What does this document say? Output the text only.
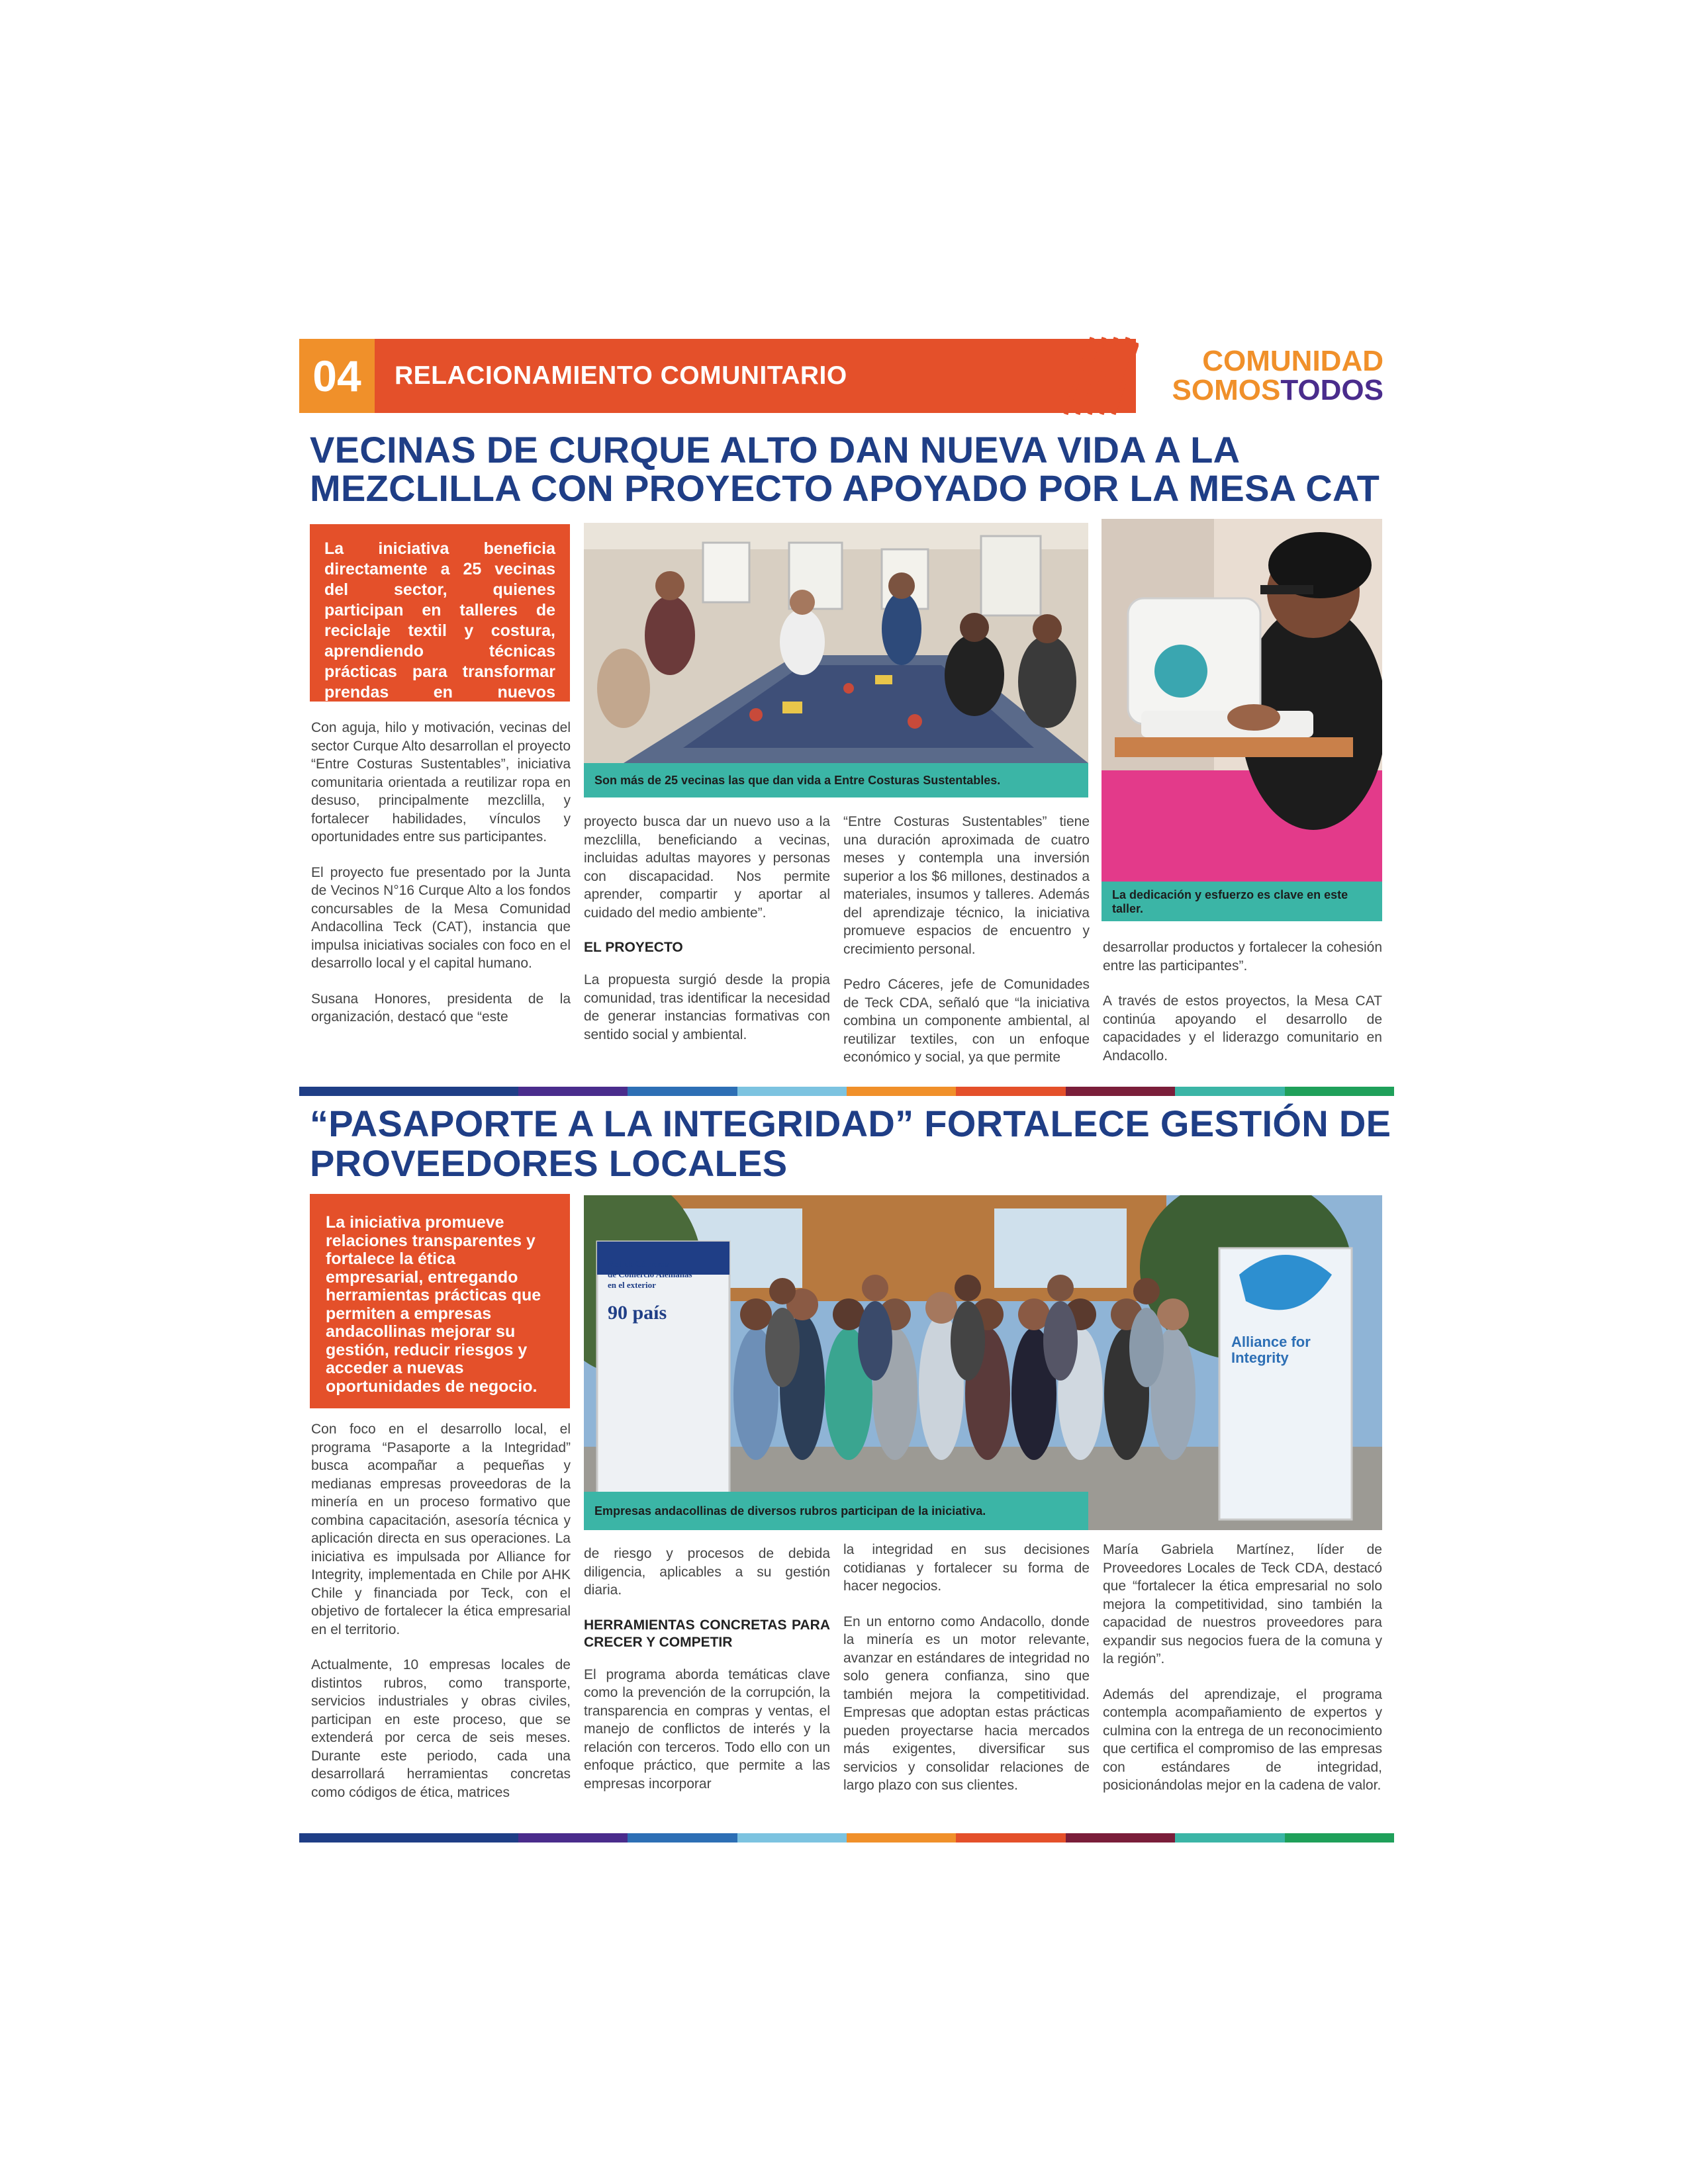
04	RELACIONAMIENTO COMUNITARIO	COMUNIDAD
SOMOSTODOS
VECINAS DE CURQUE ALTO DAN NUEVA VIDA A LA
MEZCLILLA CON PROYECTO APOYADO POR LA MESA CAT
La iniciativa beneficia directamente a 25 vecinas del sector, quienes participan en talleres de reciclaje textil y costura, aprendiendo técnicas prácticas para transformar prendas en nuevos productos.
Son más de 25 vecinas las que dan vida a Entre Costuras Sustentables.
La dedicación y esfuerzo es clave en este taller.

Con aguja, hilo y motivación, vecinas del sector Curque Alto desarrollan el proyecto “Entre Costuras Sustentables”, iniciativa comunitaria orientada a reutilizar ropa en desuso, principalmente mezclilla, y fortalecer habilidades, vínculos y oportunidades entre sus participantes.

El proyecto fue presentado por la Junta de Vecinos N°16 Curque Alto a los fondos concursables de la Mesa Comunidad Andacollina Teck (CAT), instancia que impulsa iniciativas sociales con foco en el desarrollo local y el capital humano.

Susana Honores, presidenta de la organización, destacó que “este

proyecto busca dar un nuevo uso a la mezclilla, beneficiando a vecinas, incluidas adultas mayores y personas con discapacidad. Nos permite aprender, compartir y aportar al cuidado del medio ambiente”.

EL PROYECTO

La propuesta surgió desde la propia comunidad, tras identificar la necesidad de generar instancias formativas con sentido social y ambiental.

“Entre Costuras Sustentables” tiene una duración aproximada de cuatro meses y contempla una inversión superior a los $6 millones, destinados a materiales, insumos y talleres. Además del aprendizaje técnico, la iniciativa promueve espacios de encuentro y crecimiento personal.

Pedro Cáceres, jefe de Comunidades de Teck CDA, señaló que “la iniciativa combina un componente ambiental, al reutilizar textiles, con un enfoque económico y social, ya que permite

desarrollar productos y fortalecer la cohesión entre las participantes”.

A través de estos proyectos, la Mesa CAT continúa apoyando el desarrollo de capacidades y el liderazgo comunitario en Andacollo.

“PASAPORTE A LA INTEGRIDAD” FORTALECE GESTIÓN DE
PROVEEDORES LOCALES
La iniciativa promueve relaciones transparentes y fortalece la ética empresarial, entregando herramientas prácticas que permiten a empresas andacollinas mejorar su gestión, reducir riesgos y acceder a nuevas oportunidades de negocio.
Red de Cámaras
de Comercio Alemanas
en el exterior
90 país
Alliance for
Integrity
Empresas andacollinas de diversos rubros participan de la iniciativa.

Con foco en el desarrollo local, el programa “Pasaporte a la Integridad” busca acompañar a pequeñas y medianas empresas proveedoras de la minería en un proceso formativo que combina capacitación, asesoría técnica y aplicación directa en sus operaciones. La iniciativa es impulsada por Alliance for Integrity, implementada en Chile por AHK Chile y financiada por Teck, con el objetivo de fortalecer la ética empresarial en el territorio.

Actualmente, 10 empresas locales de distintos rubros, como transporte, servicios industriales y obras civiles, participan en este proceso, que se extenderá por cerca de seis meses. Durante este periodo, cada una desarrollará herramientas concretas como códigos de ética, matrices

de riesgo y procesos de debida diligencia, aplicables a su gestión diaria.

HERRAMIENTAS CONCRETAS PARA CRECER Y COMPETIR

El programa aborda temáticas clave como la prevención de la corrupción, la transparencia en compras y ventas, el manejo de conflictos de interés y la relación con terceros. Todo ello con un enfoque práctico, que permite a las empresas incorporar

la integridad en sus decisiones cotidianas y fortalecer su forma de hacer negocios.

En un entorno como Andacollo, donde la minería es un motor relevante, avanzar en estándares de integridad no solo genera confianza, sino que también mejora la competitividad. Empresas que adoptan estas prácticas pueden proyectarse hacia mercados más exigentes, diversificar sus servicios y consolidar relaciones de largo plazo con sus clientes.

María Gabriela Martínez, líder de Proveedores Locales de Teck CDA, destacó que “fortalecer la ética empresarial no solo mejora la competitividad, sino también la capacidad de nuestros proveedores para expandir sus negocios fuera de la comuna y la región”.

Además del aprendizaje, el programa contempla acompañamiento de expertos y culmina con la entrega de un reconocimiento que certifica el compromiso de las empresas con estándares de integridad, posicionándolas mejor en la cadena de valor.
